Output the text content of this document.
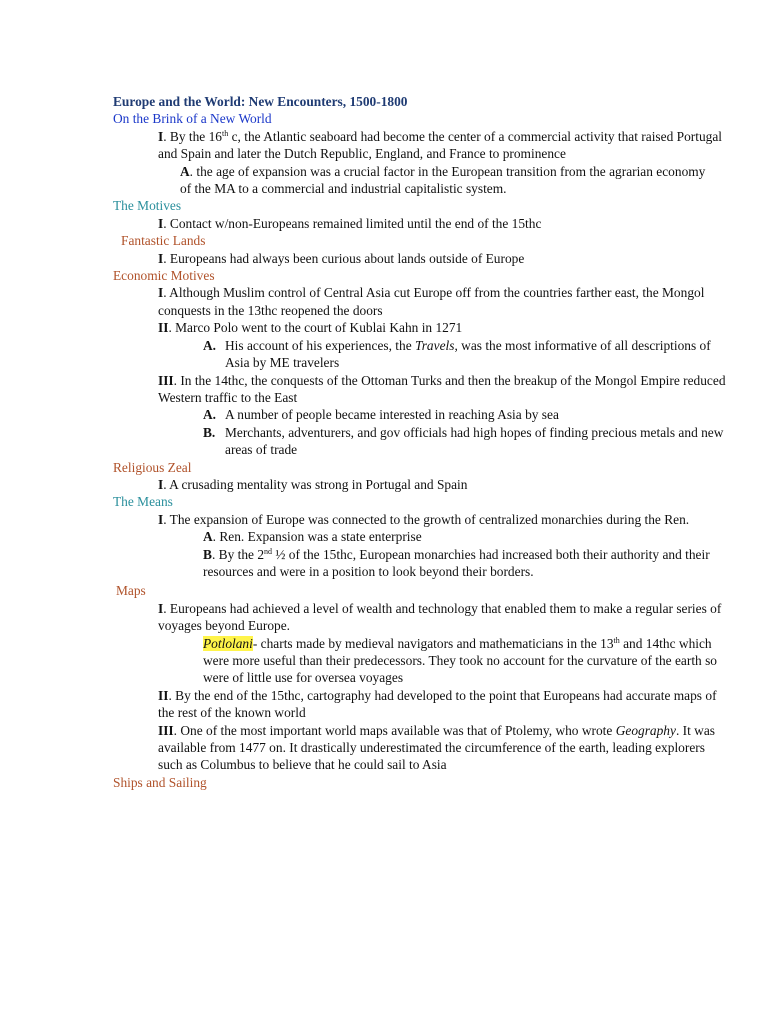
Europe and the World: New Encounters, 1500-1800
On the Brink of a New World
I. By the 16th c, the Atlantic seaboard had become the center of a commercial activity that raised Portugal and Spain and later the Dutch Republic, England, and France to prominence
A. the age of expansion was a crucial factor in the European transition from the agrarian economy of the MA to a commercial and industrial capitalistic system.
The Motives
I. Contact w/non-Europeans remained limited until the end of the 15thc
Fantastic Lands
I. Europeans had always been curious about lands outside of Europe
Economic Motives
I. Although Muslim control of Central Asia cut Europe off from the countries farther east, the Mongol conquests in the 13thc reopened the doors
II. Marco Polo went to the court of Kublai Kahn in 1271
A. His account of his experiences, the Travels, was the most informative of all descriptions of Asia by ME travelers
III. In the 14thc, the conquests of the Ottoman Turks and then the breakup of the Mongol Empire reduced Western traffic to the East
A. A number of people became interested in reaching Asia by sea
B. Merchants, adventurers, and gov officials had high hopes of finding precious metals and new areas of trade
Religious Zeal
I. A crusading mentality was strong in Portugal and Spain
The Means
I. The expansion of Europe was connected to the growth of centralized monarchies during the Ren.
A. Ren. Expansion was a state enterprise
B. By the 2nd ½ of the 15thc, European monarchies had increased both their authority and their resources and were in a position to look beyond their borders.
Maps
I. Europeans had achieved a level of wealth and technology that enabled them to make a regular series of voyages beyond Europe.
Potlolani- charts made by medieval navigators and mathematicians in the 13th and 14thc which were more useful than their predecessors. They took no account for the curvature of the earth so were of little use for oversea voyages
II. By the end of the 15thc, cartography had developed to the point that Europeans had accurate maps of the rest of the known world
III. One of the most important world maps available was that of Ptolemy, who wrote Geography. It was available from 1477 on. It drastically underestimated the circumference of the earth, leading explorers such as Columbus to believe that he could sail to Asia
Ships and Sailing
